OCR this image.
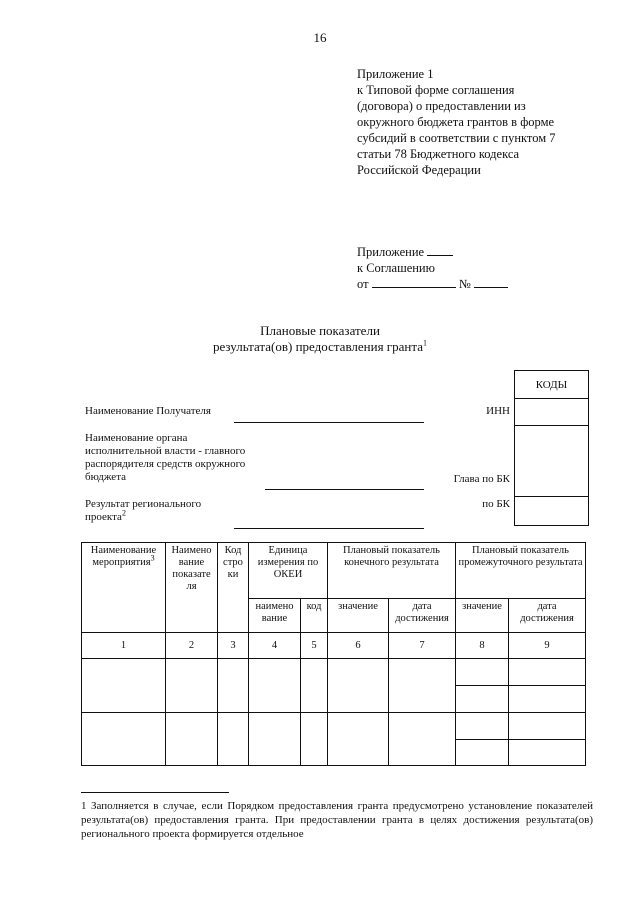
16
Приложение 1
к Типовой форме соглашения
(договора) о предоставлении из
окружного бюджета грантов в форме
субсидий в соответствии с пунктом 7
статьи 78 Бюджетного кодекса
Российской Федерации
Приложение
к Соглашению
от	№
Плановые показатели
результата(ов) предоставления гранта$^1$
КОДЫ

Наименование Получателя	ИНН
Наименование органа
исполнительной власти - главного
распорядителя средств окружного
бюджета	Глава по БК
Результат регионального
проекта$^2$
по БК
Наименование мероприятия$^3$	Наимено вание показате ля	Код стро ки	Единица измерения по ОКЕИ		Плановый показатель конечного результата		Плановый показатель промежуточного результата	
			наимено вание	код	значение	дата достижения	значение	дата достижения
1	2	3	4	5	6	7	8	9

1 Заполняется в случае, если Порядком предоставления гранта предусмотрено установление показателей результата(ов) предоставления гранта. При предоставлении гранта в целях достижения результата(ов) регионального проекта формируется отдельное
